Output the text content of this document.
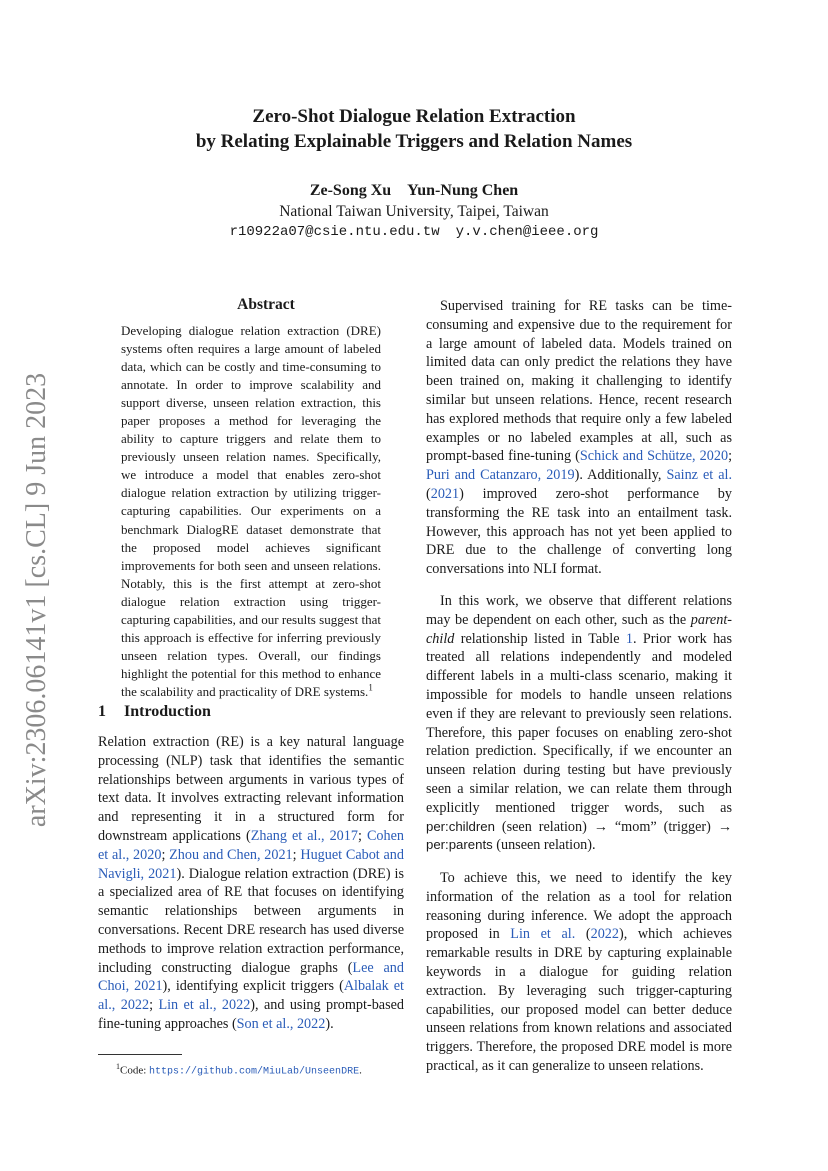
arXiv:2306.06141v1 [cs.CL] 9 Jun 2023
Zero-Shot Dialogue Relation Extraction
by Relating Explainable Triggers and Relation Names
Ze-Song Xu Yun-Nung Chen
National Taiwan University, Taipei, Taiwan
r10922a07@csie.ntu.edu.tw y.v.chen@ieee.org
Abstract
Developing dialogue relation extraction (DRE) systems often requires a large amount of labeled data, which can be costly and time-consuming to annotate. In order to improve scalability and support diverse, unseen relation extraction, this paper proposes a method for leveraging the ability to capture triggers and relate them to previously unseen relation names. Specifically, we introduce a model that enables zero-shot dialogue relation extraction by utilizing trigger-capturing capabilities. Our experiments on a benchmark DialogRE dataset demonstrate that the proposed model achieves significant improvements for both seen and unseen relations. Notably, this is the first attempt at zero-shot dialogue relation extraction using trigger-capturing capabilities, and our results suggest that this approach is effective for inferring previously unseen relation types. Overall, our findings highlight the potential for this method to enhance the scalability and practicality of DRE systems.$^1$
1 Introduction
Relation extraction (RE) is a key natural language processing (NLP) task that identifies the semantic relationships between arguments in various types of text data. It involves extracting relevant information and representing it in a structured form for downstream applications (Zhang et al., 2017; Cohen et al., 2020; Zhou and Chen, 2021; Huguet Cabot and Navigli, 2021). Dialogue relation extraction (DRE) is a specialized area of RE that focuses on identifying semantic relationships between arguments in conversations. Recent DRE research has used diverse methods to improve relation extraction performance, including constructing dialogue graphs (Lee and Choi, 2021), identifying explicit triggers (Albalak et al., 2022; Lin et al., 2022), and using prompt-based fine-tuning approaches (Son et al., 2022).
$^1$Code: https://github.com/MiuLab/UnseenDRE.
Supervised training for RE tasks can be time-consuming and expensive due to the requirement for a large amount of labeled data. Models trained on limited data can only predict the relations they have been trained on, making it challenging to identify similar but unseen relations. Hence, recent research has explored methods that require only a few labeled examples or no labeled examples at all, such as prompt-based fine-tuning (Schick and Schütze, 2020; Puri and Catanzaro, 2019). Additionally, Sainz et al. (2021) improved zero-shot performance by transforming the RE task into an entailment task. However, this approach has not yet been applied to DRE due to the challenge of converting long conversations into NLI format.
In this work, we observe that different relations may be dependent on each other, such as the parent-child relationship listed in Table 1. Prior work has treated all relations independently and modeled different labels in a multi-class scenario, making it impossible for models to handle unseen relations even if they are relevant to previously seen relations. Therefore, this paper focuses on enabling zero-shot relation prediction. Specifically, if we encounter an unseen relation during testing but have previously seen a similar relation, we can relate them through explicitly mentioned trigger words, such as per:children (seen relation) → “mom” (trigger) → per:parents (unseen relation).
To achieve this, we need to identify the key information of the relation as a tool for relation reasoning during inference. We adopt the approach proposed in Lin et al. (2022), which achieves remarkable results in DRE by capturing explainable keywords in a dialogue for guiding relation extraction. By leveraging such trigger-capturing capabilities, our proposed model can better deduce unseen relations from known relations and associated triggers. Therefore, the proposed DRE model is more practical, as it can generalize to unseen relations.
